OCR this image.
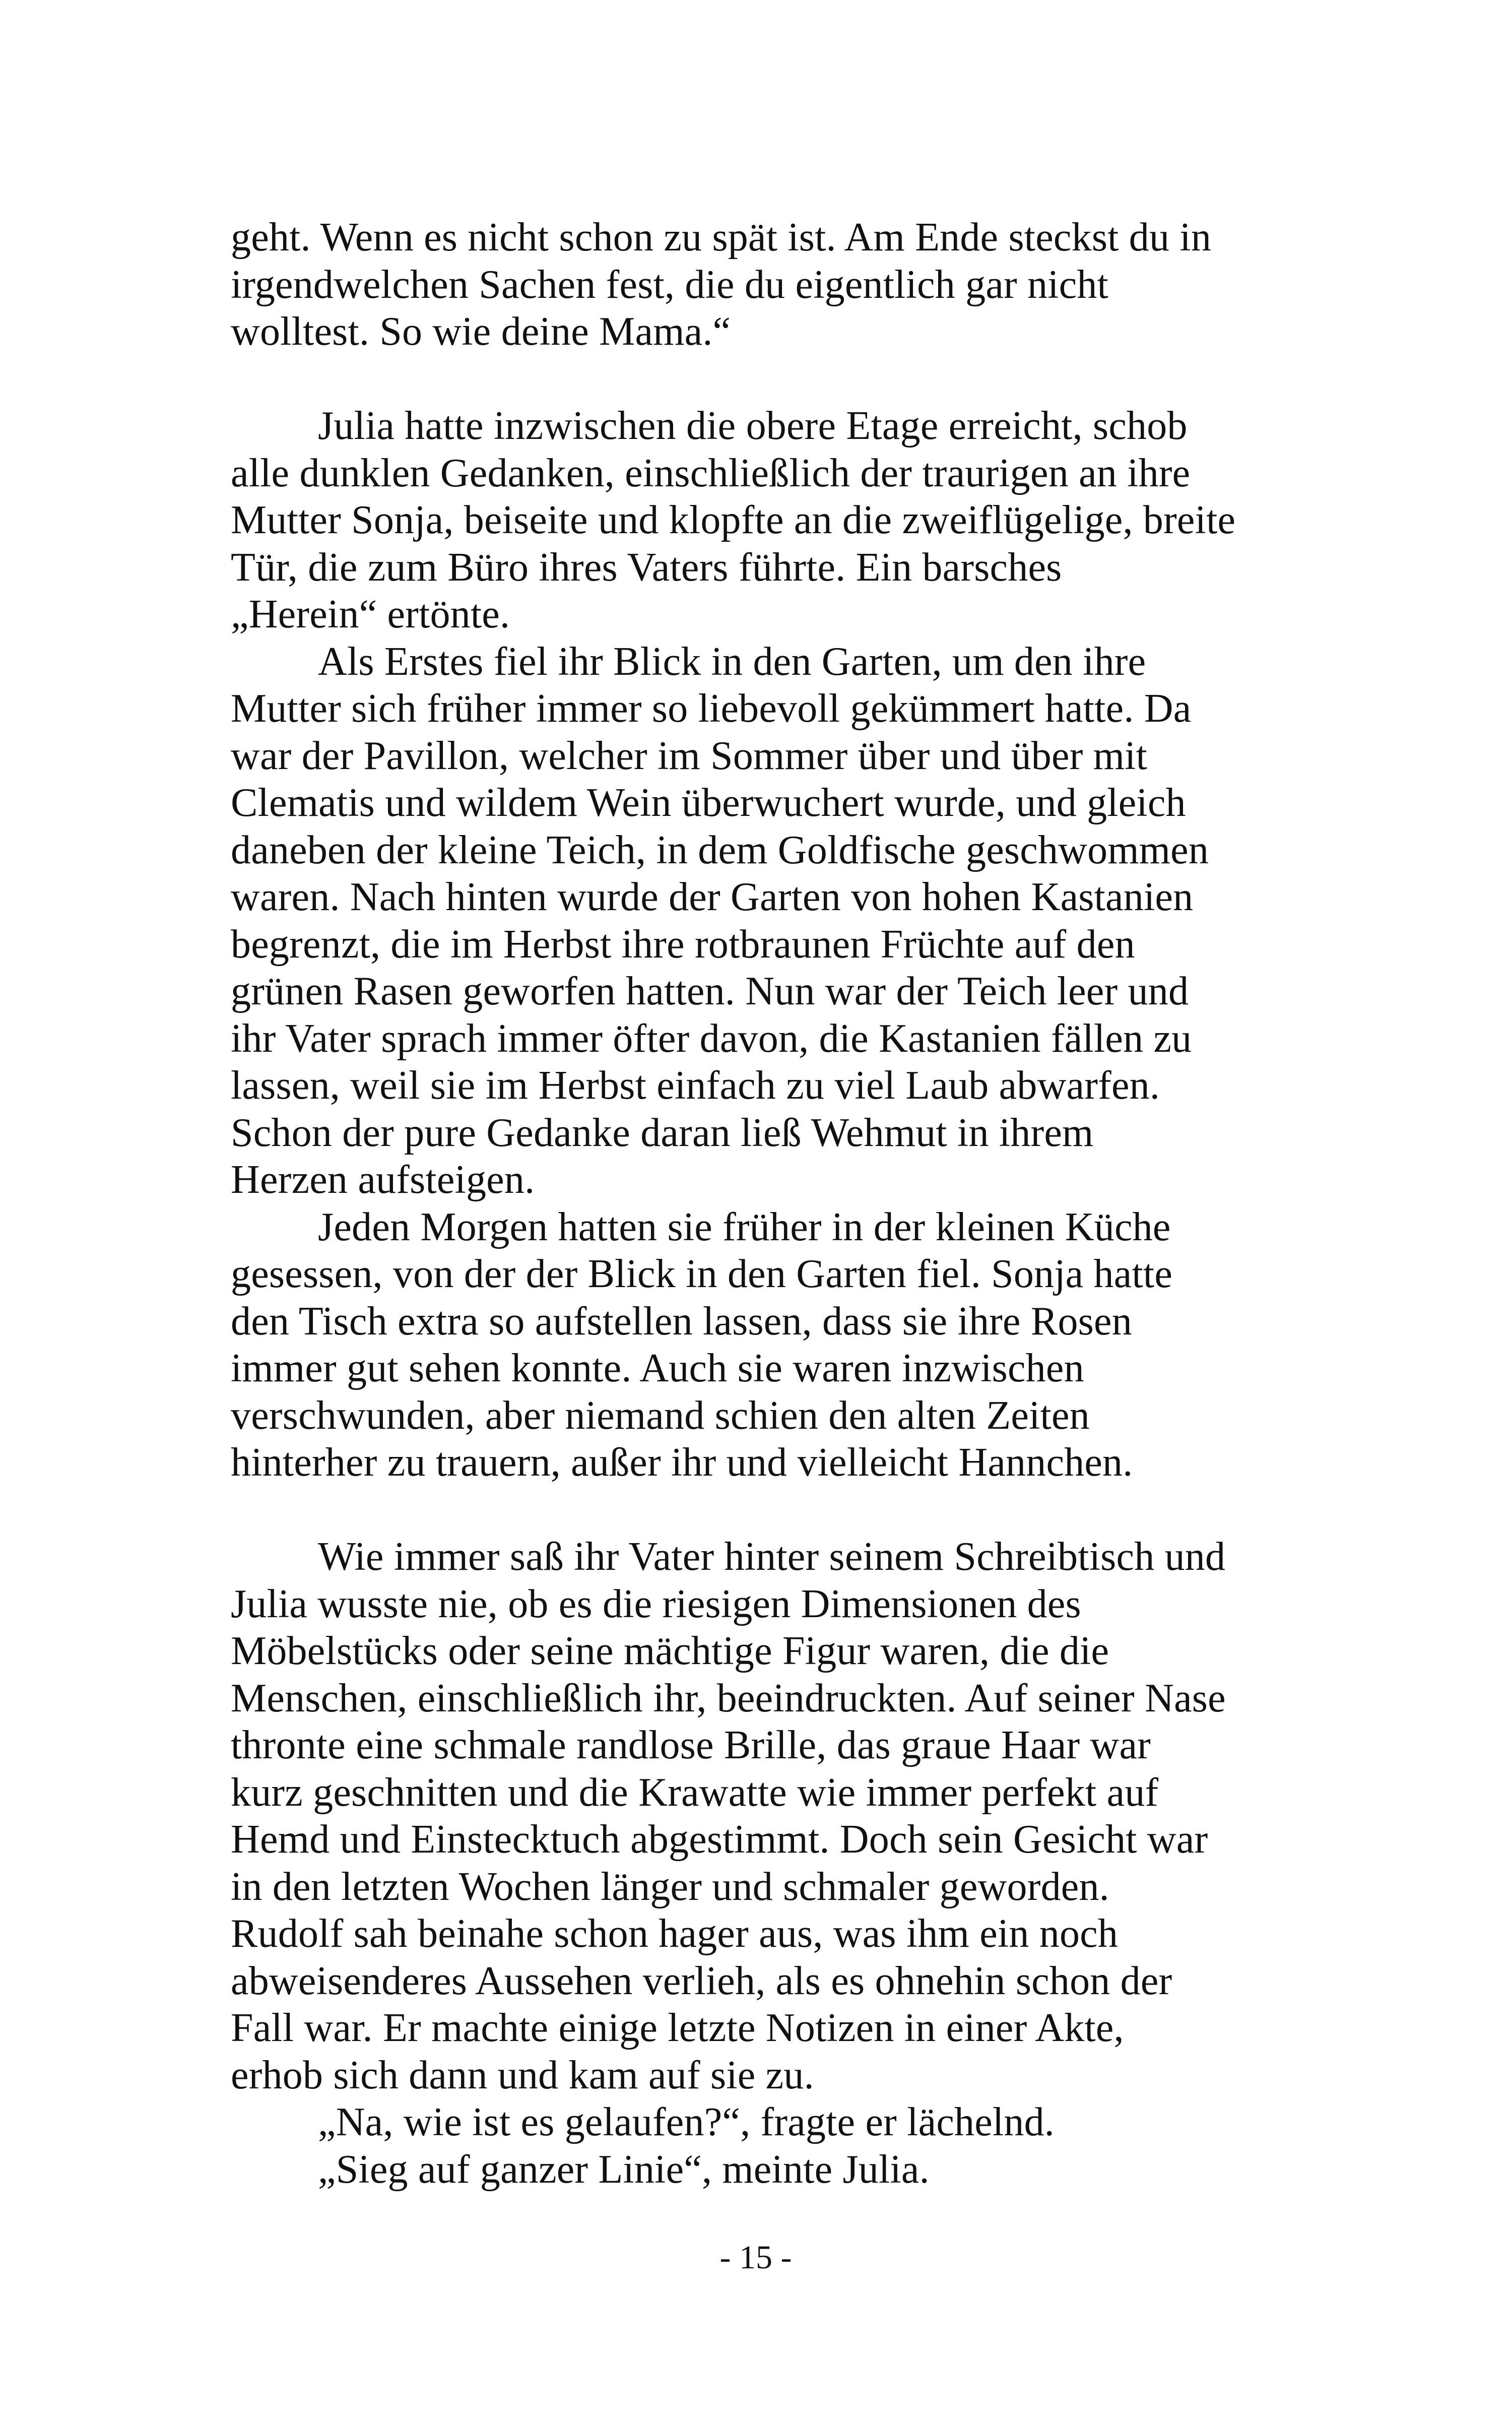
geht. Wenn es nicht schon zu spät ist. Am Ende steckst du in
irgendwelchen Sachen fest, die du eigentlich gar nicht
wolltest. So wie deine Mama.“
Julia hatte inzwischen die obere Etage erreicht, schob
alle dunklen Gedanken, einschließlich der traurigen an ihre
Mutter Sonja, beiseite und klopfte an die zweiflügelige, breite
Tür, die zum Büro ihres Vaters führte. Ein barsches
„Herein“ ertönte.
Als Erstes fiel ihr Blick in den Garten, um den ihre
Mutter sich früher immer so liebevoll gekümmert hatte. Da
war der Pavillon, welcher im Sommer über und über mit
Clematis und wildem Wein überwuchert wurde, und gleich
daneben der kleine Teich, in dem Goldfische geschwommen
waren. Nach hinten wurde der Garten von hohen Kastanien
begrenzt, die im Herbst ihre rotbraunen Früchte auf den
grünen Rasen geworfen hatten. Nun war der Teich leer und
ihr Vater sprach immer öfter davon, die Kastanien fällen zu
lassen, weil sie im Herbst einfach zu viel Laub abwarfen.
Schon der pure Gedanke daran ließ Wehmut in ihrem
Herzen aufsteigen.
Jeden Morgen hatten sie früher in der kleinen Küche
gesessen, von der der Blick in den Garten fiel. Sonja hatte
den Tisch extra so aufstellen lassen, dass sie ihre Rosen
immer gut sehen konnte. Auch sie waren inzwischen
verschwunden, aber niemand schien den alten Zeiten
hinterher zu trauern, außer ihr und vielleicht Hannchen.
Wie immer saß ihr Vater hinter seinem Schreibtisch und
Julia wusste nie, ob es die riesigen Dimensionen des
Möbelstücks oder seine mächtige Figur waren, die die
Menschen, einschließlich ihr, beeindruckten. Auf seiner Nase
thronte eine schmale randlose Brille, das graue Haar war
kurz geschnitten und die Krawatte wie immer perfekt auf
Hemd und Einstecktuch abgestimmt. Doch sein Gesicht war
in den letzten Wochen länger und schmaler geworden.
Rudolf sah beinahe schon hager aus, was ihm ein noch
abweisenderes Aussehen verlieh, als es ohnehin schon der
Fall war. Er machte einige letzte Notizen in einer Akte,
erhob sich dann und kam auf sie zu.
„Na, wie ist es gelaufen?“, fragte er lächelnd.
„Sieg auf ganzer Linie“, meinte Julia.
- 15 -
